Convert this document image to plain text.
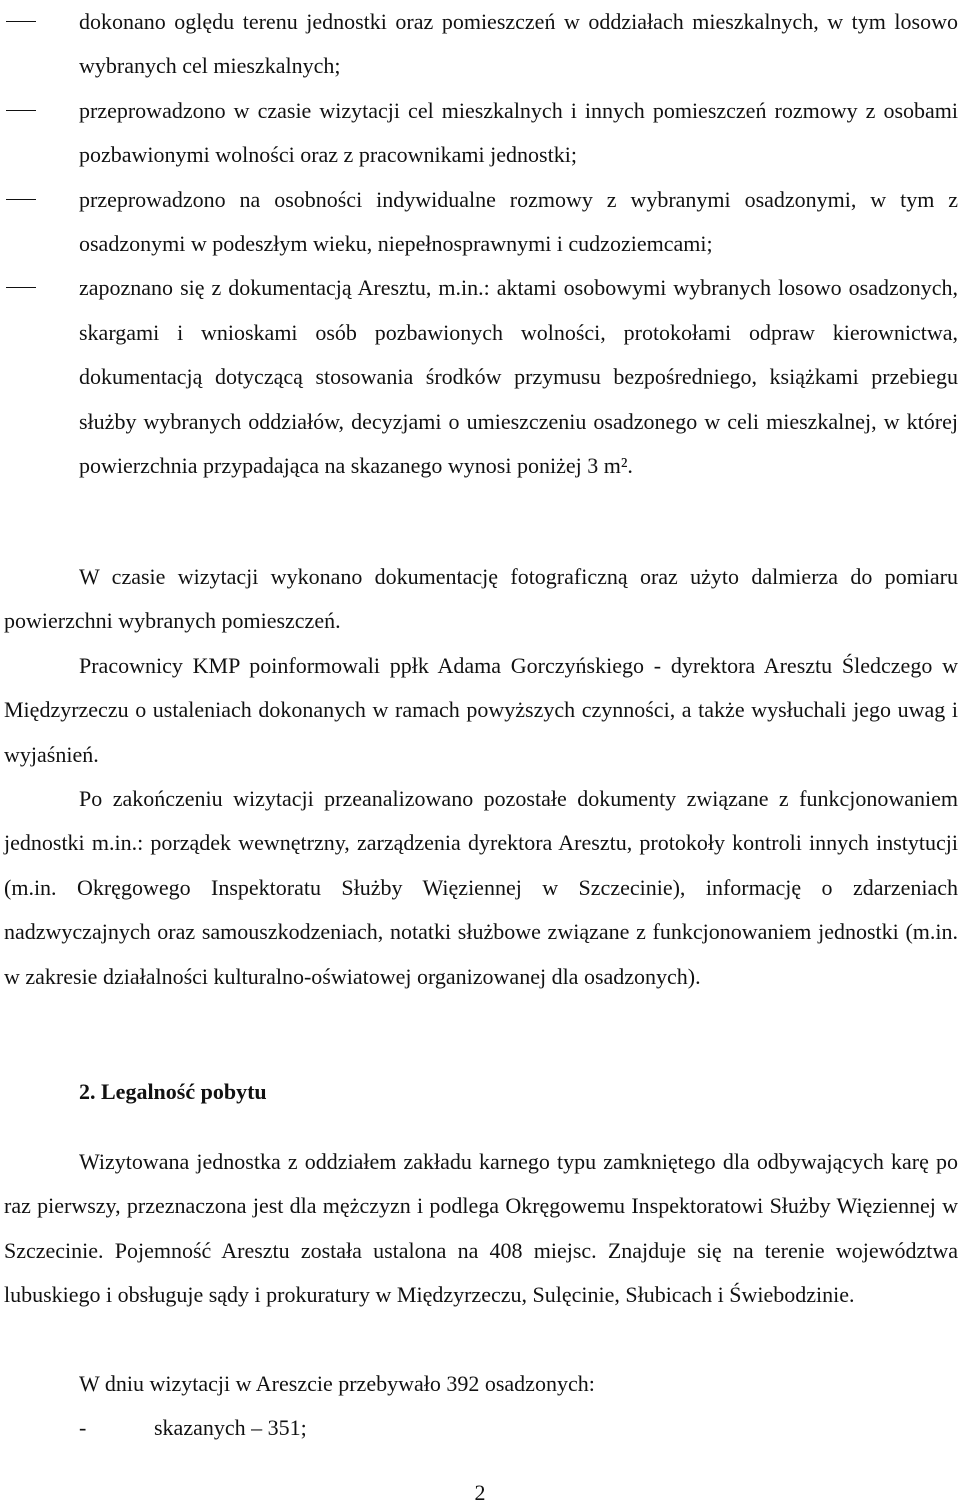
dokonano oględu terenu jednostki oraz pomieszczeń w oddziałach mieszkalnych, w tym losowo wybranych cel mieszkalnych;
przeprowadzono w czasie wizytacji cel mieszkalnych i innych pomieszczeń rozmowy z osobami pozbawionymi wolności oraz z pracownikami jednostki;
przeprowadzono na osobności indywidualne rozmowy z wybranymi osadzonymi, w tym z osadzonymi w podeszłym wieku, niepełnosprawnymi i cudzoziemcami;
zapoznano się z dokumentacją Aresztu, m.in.: aktami osobowymi wybranych losowo osadzonych, skargami i wnioskami osób pozbawionych wolności, protokołami odpraw kierownictwa, dokumentacją dotyczącą stosowania środków przymusu bezpośredniego, książkami przebiegu służby wybranych oddziałów, decyzjami o umieszczeniu osadzonego w celi mieszkalnej, w której powierzchnia przypadająca na skazanego wynosi poniżej 3 m².

W czasie wizytacji wykonano dokumentację fotograficzną oraz użyto dalmierza do pomiaru powierzchni wybranych pomieszczeń.

Pracownicy KMP poinformowali ppłk Adama Gorczyńskiego - dyrektora Aresztu Śledczego w Międzyrzeczu o ustaleniach dokonanych w ramach powyższych czynności, a także wysłuchali jego uwag i wyjaśnień.

Po zakończeniu wizytacji przeanalizowano pozostałe dokumenty związane z funkcjonowaniem jednostki m.in.: porządek wewnętrzny, zarządzenia dyrektora Aresztu, protokoły kontroli innych instytucji (m.in. Okręgowego Inspektoratu Służby Więziennej w Szczecinie), informację o zdarzeniach nadzwyczajnych oraz samouszkodzeniach, notatki służbowe związane z funkcjonowaniem jednostki (m.in. w zakresie działalności kulturalno-oświatowej organizowanej dla osadzonych).

2. Legalność pobytu

Wizytowana jednostka z oddziałem zakładu karnego typu zamkniętego dla odbywających karę po raz pierwszy, przeznaczona jest dla mężczyzn i podlega Okręgowemu Inspektoratowi Służby Więziennej w Szczecinie. Pojemność Aresztu została ustalona na 408 miejsc. Znajduje się na terenie województwa lubuskiego i obsługuje sądy i prokuratury w Międzyrzeczu, Sulęcinie, Słubicach i Świebodzinie.

W dniu wizytacji w Areszcie przebywało 392 osadzonych:
-	skazanych – 351;
2
